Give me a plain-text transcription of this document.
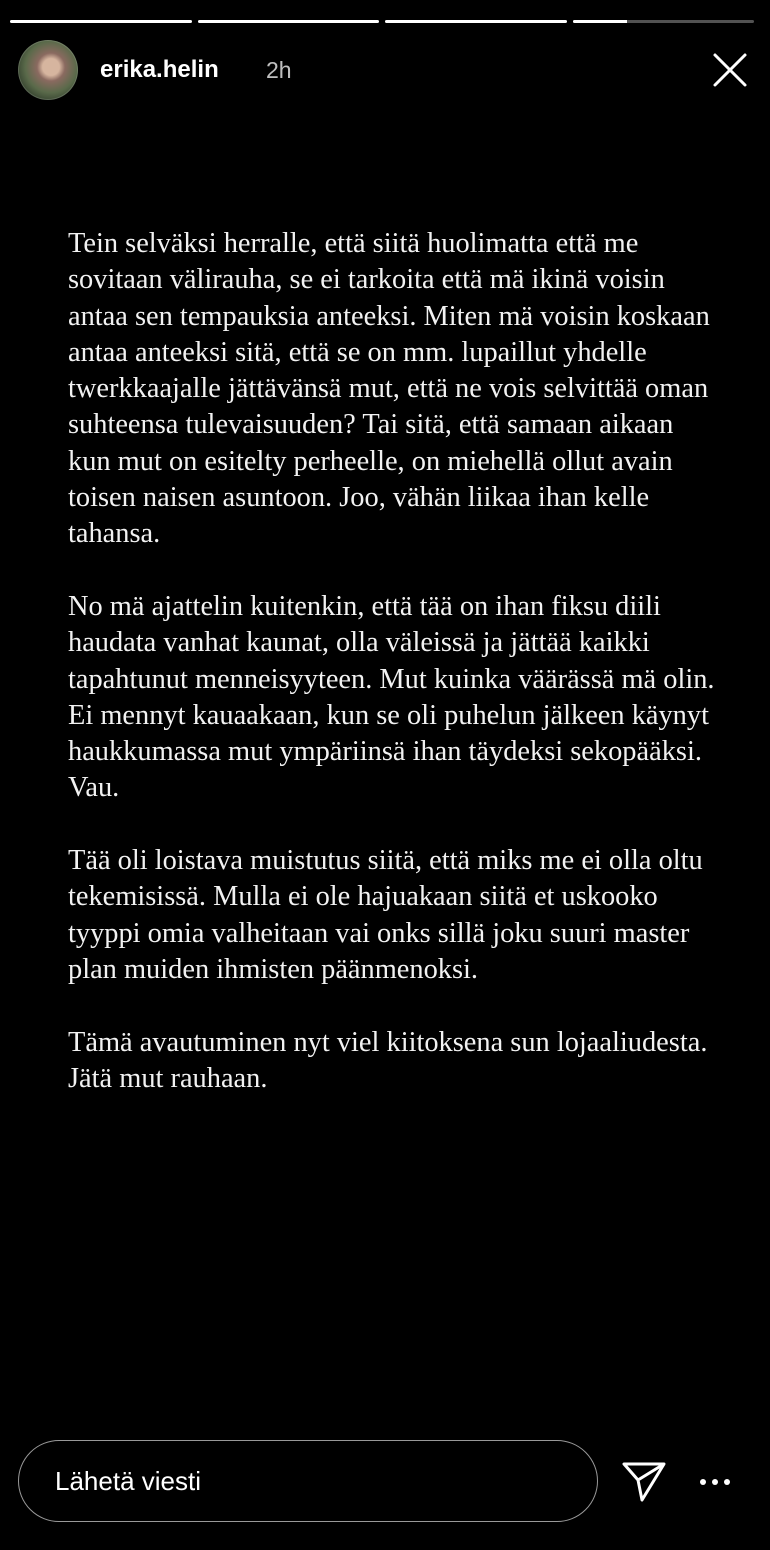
erika.helin 2h

Tein selväksi herralle, että siitä huolimatta että me sovitaan välirauha, se ei tarkoita että mä ikinä voisin antaa sen tempauksia anteeksi. Miten mä voisin koskaan antaa anteeksi sitä, että se on mm. lupaillut yhdelle twerkkaajalle jättävänsä mut, että ne vois selvittää oman suhteensa tulevaisuuden? Tai sitä, että samaan aikaan kun mut on esitelty perheelle, on miehellä ollut avain toisen naisen asuntoon. Joo, vähän liikaa ihan kelle tahansa.

No mä ajattelin kuitenkin, että tää on ihan fiksu diili haudata vanhat kaunat, olla väleissä ja jättää kaikki tapahtunut menneisyyteen. Mut kuinka väärässä mä olin. Ei mennyt kauaakaan, kun se oli puhelun jälkeen käynyt haukkumassa mut ympäriinsä ihan täydeksi sekopääksi. Vau.

Tää oli loistava muistutus siitä, että miks me ei olla oltu tekemisissä. Mulla ei ole hajuakaan siitä et uskooko tyyppi omia valheitaan vai onks sillä joku suuri master plan muiden ihmisten päänmenoksi.

Tämä avautuminen nyt viel kiitoksena sun lojaaliudesta. Jätä mut rauhaan.

Lähetä viesti
